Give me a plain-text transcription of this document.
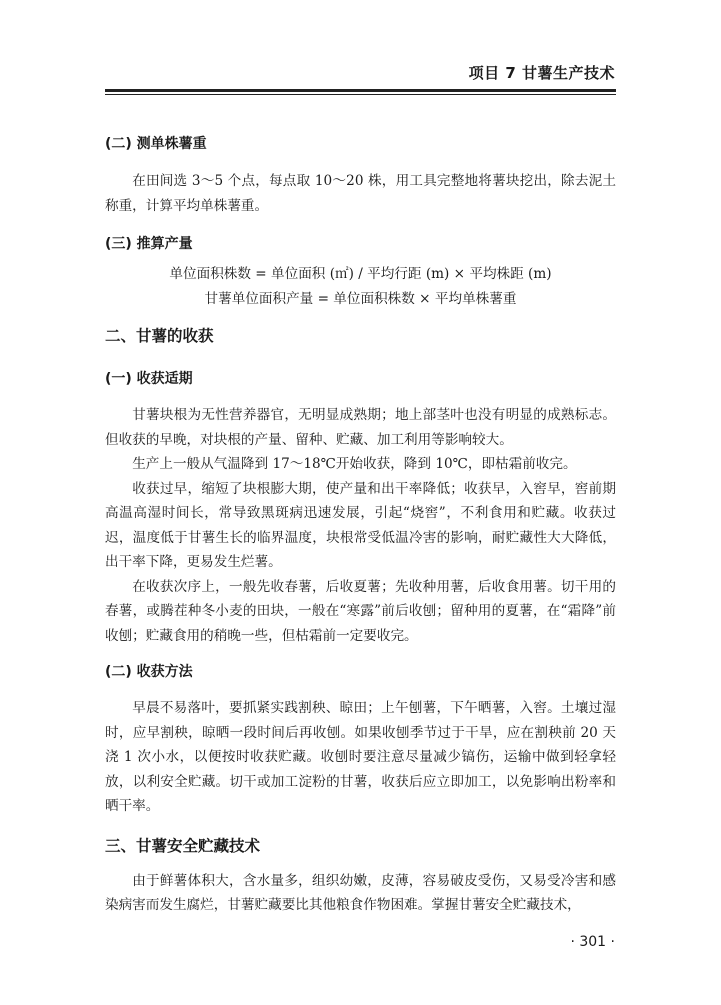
项目 7 甘薯生产技术
(二) 测单株薯重

在田间选 3～5 个点，每点取 10～20 株，用工具完整地将薯块挖出，除去泥土称重，计算平均单株薯重。

(三) 推算产量

单位面积株数 = 单位面积 (㎡) / 平均行距 (m) × 平均株距 (m)

甘薯单位面积产量 = 单位面积株数 × 平均单株薯重

二、甘薯的收获
(一) 收获适期

甘薯块根为无性营养器官，无明显成熟期；地上部茎叶也没有明显的成熟标志。但收获的早晚，对块根的产量、留种、贮藏、加工利用等影响较大。

生产上一般从气温降到 17～18℃开始收获，降到 10℃，即枯霜前收完。

收获过早，缩短了块根膨大期，使产量和出干率降低；收获早，入窖早，窖前期高温高湿时间长，常导致黑斑病迅速发展，引起“烧窖”，不利食用和贮藏。收获过迟，温度低于甘薯生长的临界温度，块根常受低温冷害的影响，耐贮藏性大大降低，出干率下降，更易发生烂薯。

在收获次序上，一般先收春薯，后收夏薯；先收种用薯，后收食用薯。切干用的春薯，或腾茬种冬小麦的田块，一般在“寒露”前后收刨；留种用的夏薯，在“霜降”前收刨；贮藏食用的稍晚一些，但枯霜前一定要收完。

(二) 收获方法

早晨不易落叶，要抓紧实践割秧、晾田；上午刨薯，下午晒薯，入窖。土壤过湿时，应早割秧，晾晒一段时间后再收刨。如果收刨季节过于干旱，应在割秧前 20 天浇 1 次小水，以便按时收获贮藏。收刨时要注意尽量减少镐伤，运输中做到轻拿轻放，以利安全贮藏。切干或加工淀粉的甘薯，收获后应立即加工，以免影响出粉率和晒干率。

三、甘薯安全贮藏技术

由于鲜薯体积大，含水量多，组织幼嫩，皮薄，容易破皮受伤，又易受冷害和感染病害而发生腐烂，甘薯贮藏要比其他粮食作物困难。掌握甘薯安全贮藏技术，

· 301 ·
